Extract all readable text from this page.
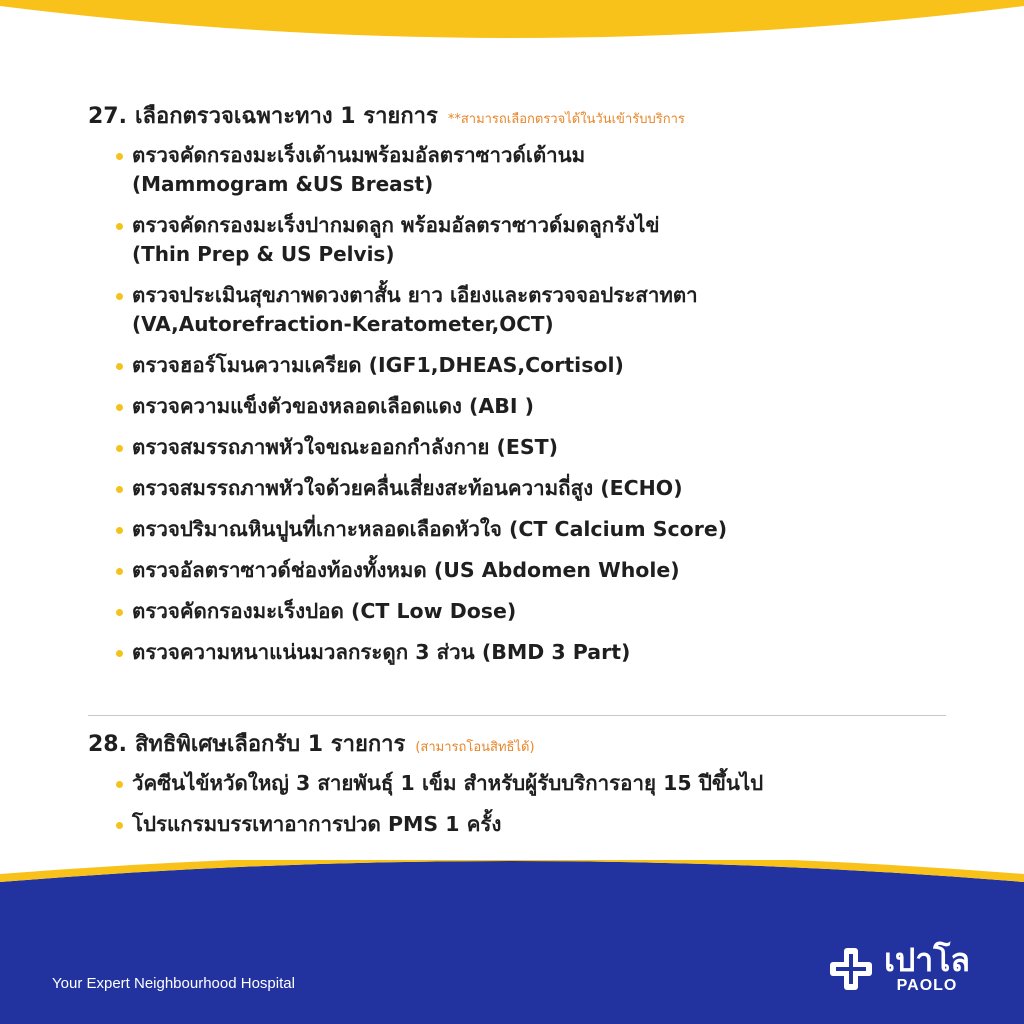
27. เลือกตรวจเฉพาะทาง 1 รายการ **สามารถเลือกตรวจได้ในวันเข้ารับบริการ
ตรวจคัดกรองมะเร็งเต้านมพร้อมอัลตราซาวด์เต้านม
(Mammogram &US Breast)
ตรวจคัดกรองมะเร็งปากมดลูก พร้อมอัลตราซาวด์มดลูกรังไข่
(Thin Prep & US Pelvis)
ตรวจประเมินสุขภาพดวงตาสั้น ยาว เอียงและตรวจจอประสาทตา
(VA,Autorefraction-Keratometer,OCT)
ตรวจฮอร์โมนความเครียด (IGF1,DHEAS,Cortisol)
ตรวจความแข็งตัวของหลอดเลือดแดง (ABI )
ตรวจสมรรถภาพหัวใจขณะออกกำลังกาย (EST)
ตรวจสมรรถภาพหัวใจด้วยคลื่นเสี่ยงสะท้อนความถี่สูง (ECHO)
ตรวจปริมาณหินปูนที่เกาะหลอดเลือดหัวใจ (CT Calcium Score)
ตรวจอัลตราซาวด์ช่องท้องทั้งหมด (US Abdomen Whole)
ตรวจคัดกรองมะเร็งปอด (CT Low Dose)
ตรวจความหนาแน่นมวลกระดูก 3 ส่วน (BMD 3 Part)
28. สิทธิพิเศษเลือกรับ 1 รายการ (สามารถโอนสิทธิได้)
วัคซีนไข้หวัดใหญ่ 3 สายพันธุ์ 1 เข็ม สำหรับผู้รับบริการอายุ 15 ปีขึ้นไป
โปรแกรมบรรเทาอาการปวด PMS 1 ครั้ง
Your Expert Neighbourhood Hospital
เปาโล
PAOLO
